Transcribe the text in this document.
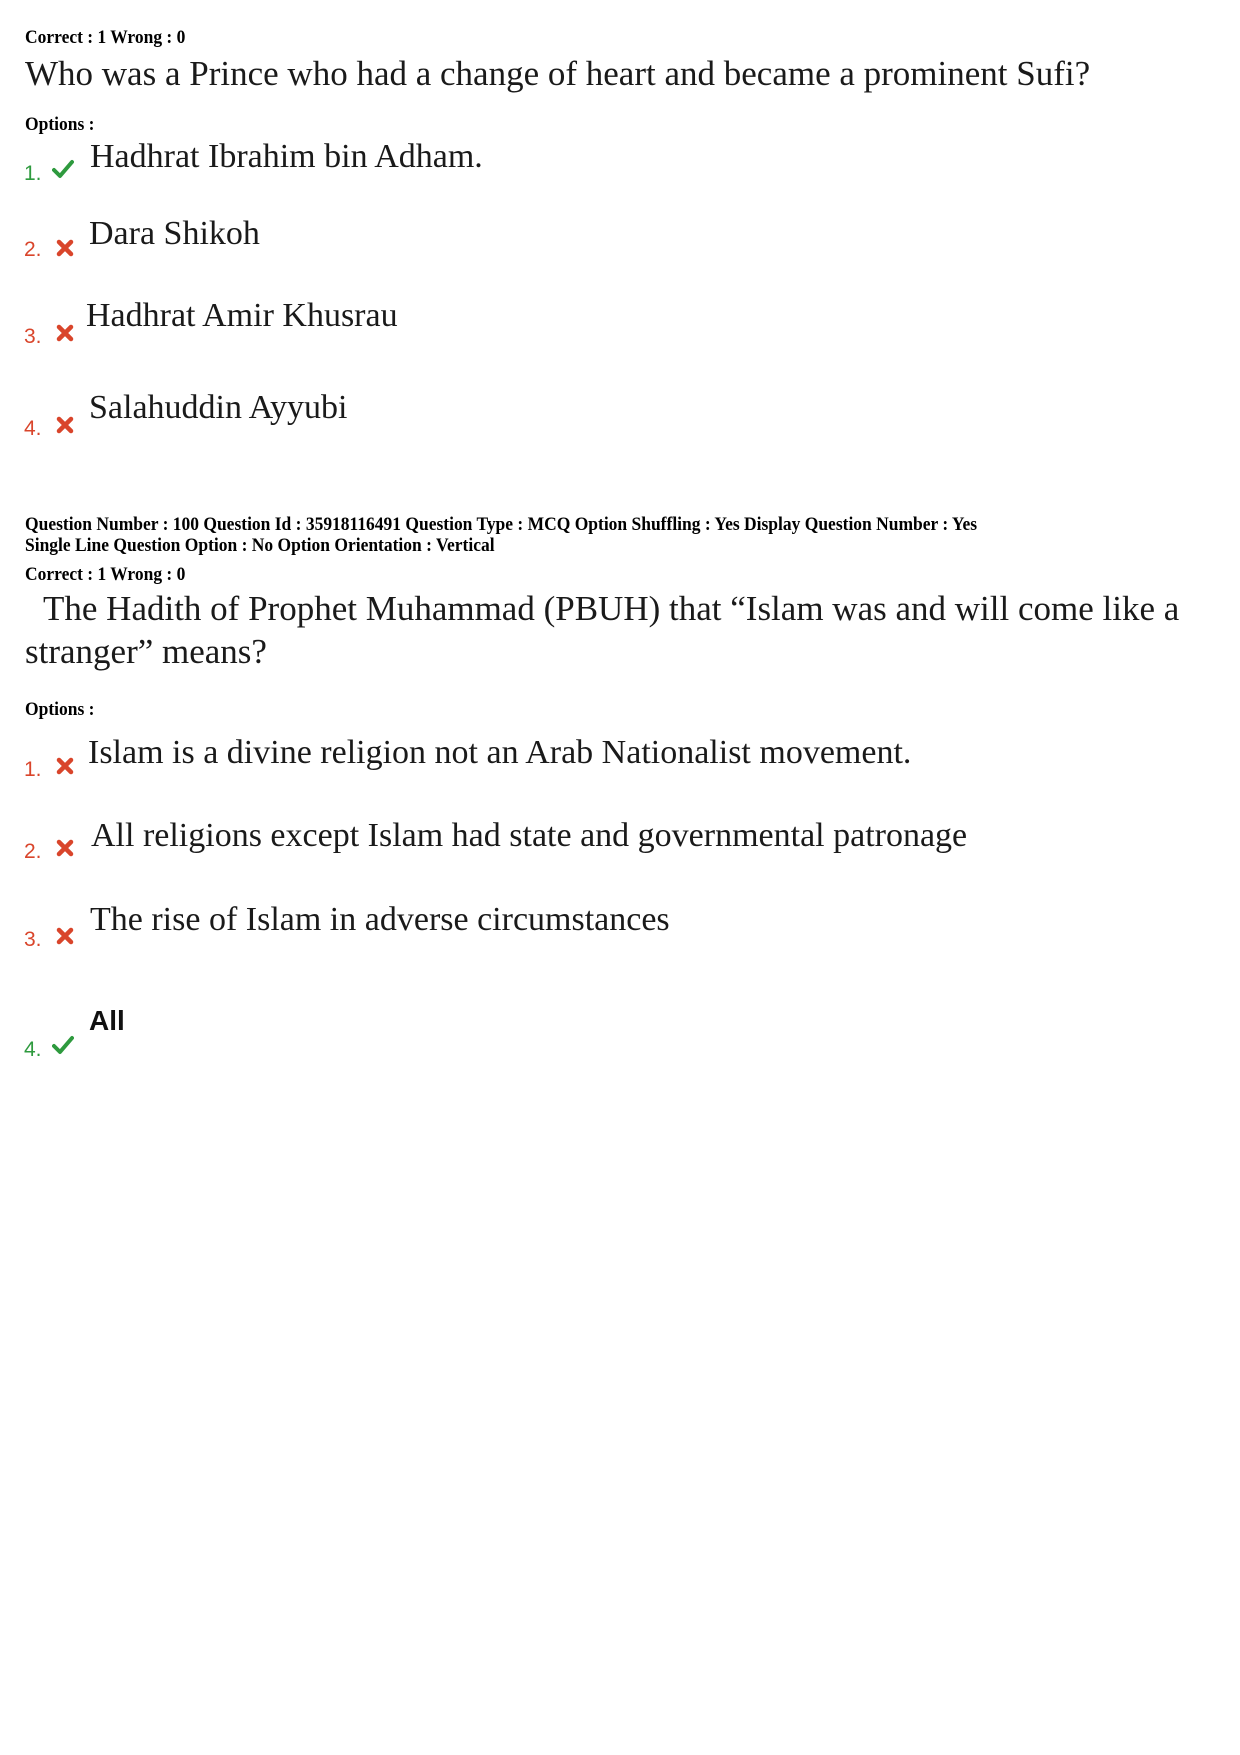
Correct : 1 Wrong : 0

Who was a Prince who had a change of heart and became a prominent Sufi?

Options :
1. Hadhrat Ibrahim bin Adham.
2. Dara Shikoh
3.
Hadhrat Amir Khusrau
4.
Salahuddin Ayyubi
Question Number : 100 Question Id : 35918116491 Question Type : MCQ Option Shuffling : Yes Display Question Number : Yes
Single Line Question Option : No Option Orientation : Vertical
Correct : 1 Wrong : 0

The Hadith of Prophet Muhammad (PBUH) that “Islam was and will come like a stranger” means?

Options :
1. Islam is a divine religion not an Arab Nationalist movement.
2. All religions except Islam had state and governmental patronage
3.
The rise of Islam in adverse circumstances
4.
All
